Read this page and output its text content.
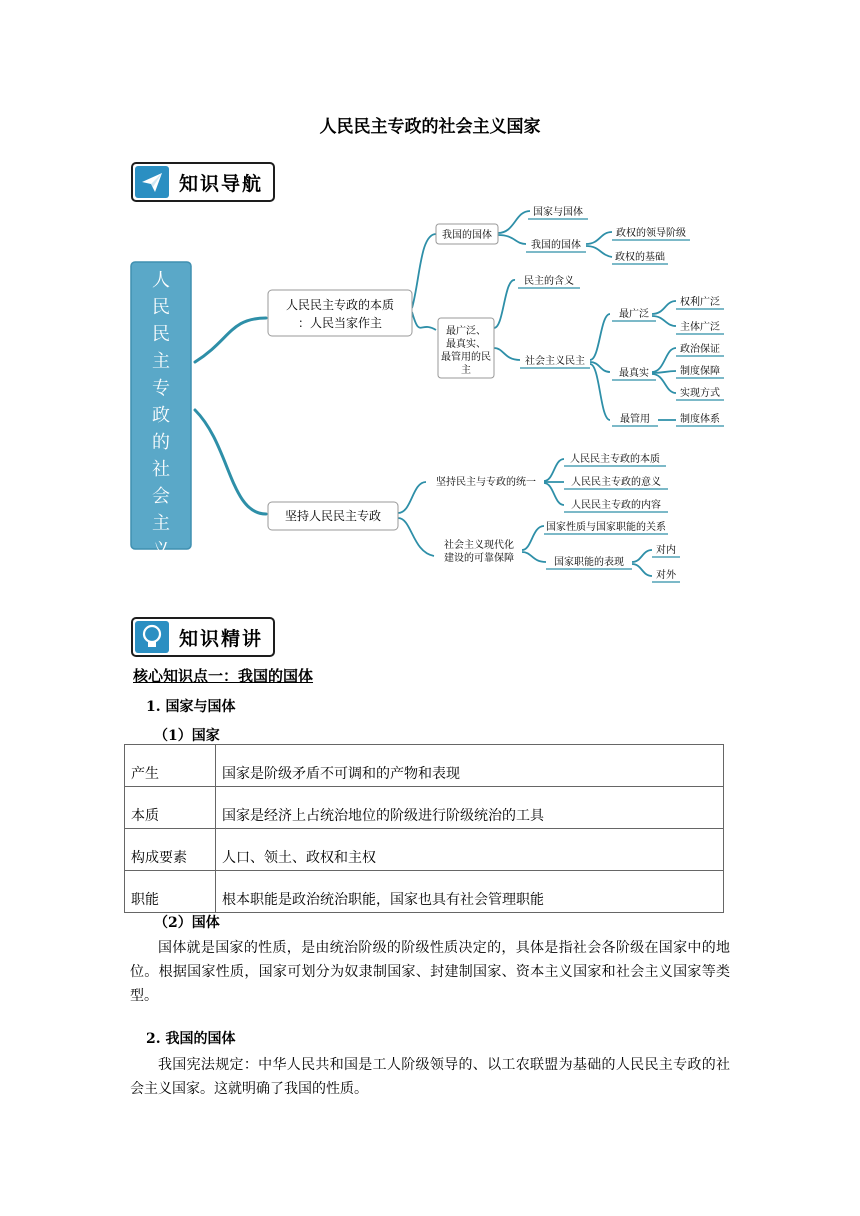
人民民主专政的社会主义国家
知识导航
人
民
民
主
专
政
的
社
会
主
义
国
家
人民民主专政的本质
：人民当家作主
坚持人民民主专政
我国的国体
最广泛、
最真实、
最管用的民
主
国家与国体
我国的国体
政权的领导阶级
政权的基础
民主的含义
社会主义民主
最广泛
最真实
最管用
权利广泛
主体广泛
政治保证
制度保障
实现方式
制度体系
坚持民主与专政的统一
人民民主专政的本质
人民民主专政的意义
人民民主专政的内容
社会主义现代化
建设的可靠保障
国家性质与国家职能的关系
国家职能的表现
对内
对外
知识精讲
核心知识点一：我国的国体
1. 国家与国体
（1）国家
产生	国家是阶级矛盾不可调和的产物和表现
本质	国家是经济上占统治地位的阶级进行阶级统治的工具
构成要素	人口、领土、政权和主权
职能	根本职能是政治统治职能，国家也具有社会管理职能
（2）国体
国体就是国家的性质，是由统治阶级的阶级性质决定的，具体是指社会各阶级在国家中的地位。根据国家性质，国家可划分为奴隶制国家、封建制国家、资本主义国家和社会主义国家等类型。
2. 我国的国体
我国宪法规定：中华人民共和国是工人阶级领导的、以工农联盟为基础的人民民主专政的社会主义国家。这就明确了我国的性质。
